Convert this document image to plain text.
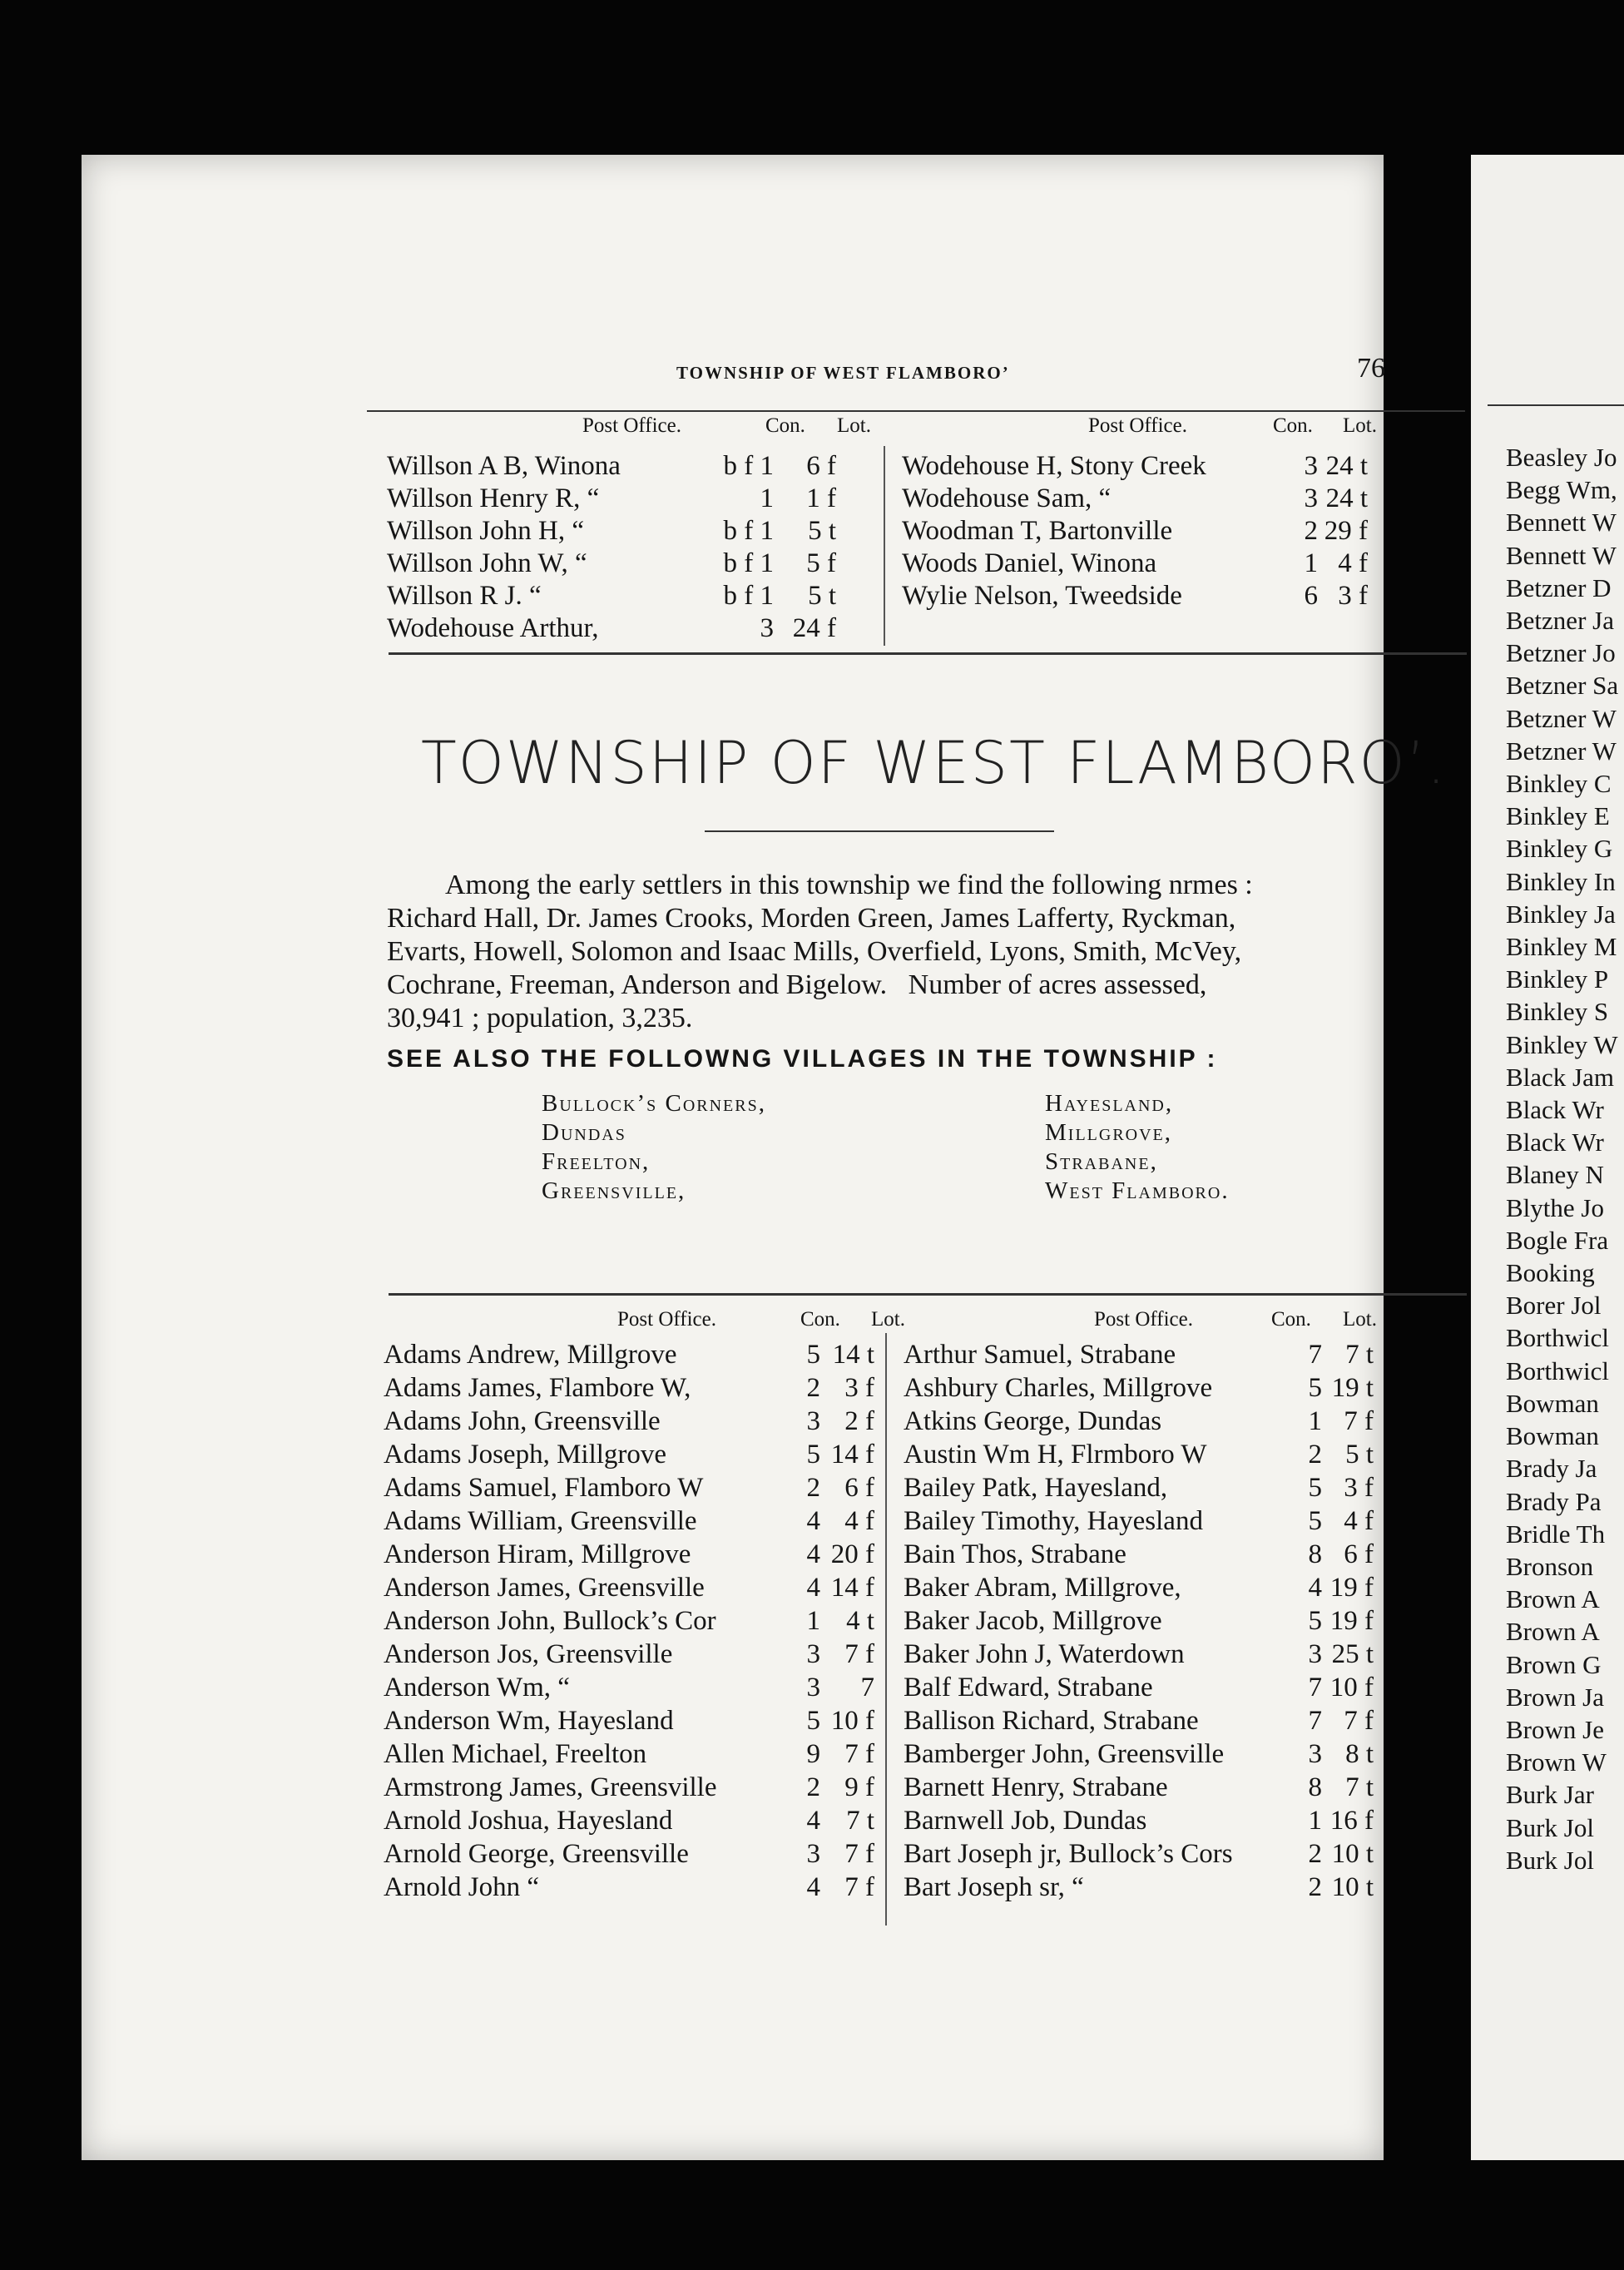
TOWNSHIP OF WEST FLAMBORO’	76
Post Office.	Con. Lot.	Post Office.	Con. Lot.
Willson A B, Winona	b f 1 6 f
Willson Henry R, “	1 1 f
Willson John H, “	b f 1 5 t
Willson John W, “	b f 1 5 f
Willson R J. “	b f 1 5 t
Wodehouse Arthur,	3 24 f
Wodehouse H, Stony Creek	3 24 t
Wodehouse Sam, “	3 24 t
Woodman T, Bartonville	2 29 f
Woods Daniel, Winona	1 4 f
Wylie Nelson, Tweedside	6 3 f
TOWNSHIP OF WEST FLAMBORO’.
Among the early settlers in this township we find the following nrmes :
Richard Hall, Dr. James Crooks, Morden Green, James Lafferty, Ryckman,
Evarts, Howell, Solomon and Isaac Mills, Overfield, Lyons, Smith, McVey,
Cochrane, Freeman, Anderson and Bigelow.   Number of acres assessed,
30,941 ; population, 3,235.
SEE ALSO THE FOLLOWNG VILLAGES IN THE TOWNSHIP :
Bullock’s Corners,
Dundas
Freelton,
Greensville,
Hayesland,
Millgrove,
Strabane,
West Flamboro.
Post Office.	Con. Lot.	Post Office.	Con. Lot.
Adams Andrew, Millgrove	5 14 t
Adams James, Flambore W,	2 3 f
Adams John, Greensville	3 2 f
Adams Joseph, Millgrove	5 14 f
Adams Samuel, Flamboro W	2 6 f
Adams William, Greensville	4 4 f
Anderson Hiram, Millgrove	4 20 f
Anderson James, Greensville	4 14 f
Anderson John, Bullock’s Cor	1 4 t
Anderson Jos, Greensville	3 7 f
Anderson Wm, “	3 7
Anderson Wm, Hayesland	5 10 f
Allen Michael, Freelton	9 7 f
Armstrong James, Greensville	2 9 f
Arnold Joshua, Hayesland	4 7 t
Arnold George, Greensville	3 7 f
Arnold John “	4 7 f
Arthur Samuel, Strabane	7 7 t
Ashbury Charles, Millgrove	5 19 t
Atkins George, Dundas	1 7 f
Austin Wm H, Flrmboro W	2 5 t
Bailey Patk, Hayesland,	5 3 f
Bailey Timothy, Hayesland	5 4 f
Bain Thos, Strabane	8 6 f
Baker Abram, Millgrove,	4 19 f
Baker Jacob, Millgrove	5 19 f
Baker John J, Waterdown	3 25 t
Balf Edward, Strabane	7 10 f
Ballison Richard, Strabane	7 7 f
Bamberger John, Greensville	3 8 t
Barnett Henry, Strabane	8 7 t
Barnwell Job, Dundas	1 16 f
Bart Joseph jr, Bullock’s Cors	2 10 t
Bart Joseph sr, “	2 10 t
Beasley Jo
Begg Wm,
Bennett W
Bennett W
Betzner D
Betzner Ja
Betzner Jo
Betzner Sa
Betzner W
Betzner W
Binkley C
Binkley E
Binkley G
Binkley In
Binkley Ja
Binkley M
Binkley P
Binkley S
Binkley W
Black Jam
Black Wr
Black Wr
Blaney N
Blythe Jo
Bogle Fra
Booking
Borer Jol
Borthwicl
Borthwicl
Bowman
Bowman
Brady Ja
Brady Pa
Bridle Th
Bronson
Brown A
Brown A
Brown G
Brown Ja
Brown Je
Brown W
Burk Jar
Burk Jol
Burk Jol
